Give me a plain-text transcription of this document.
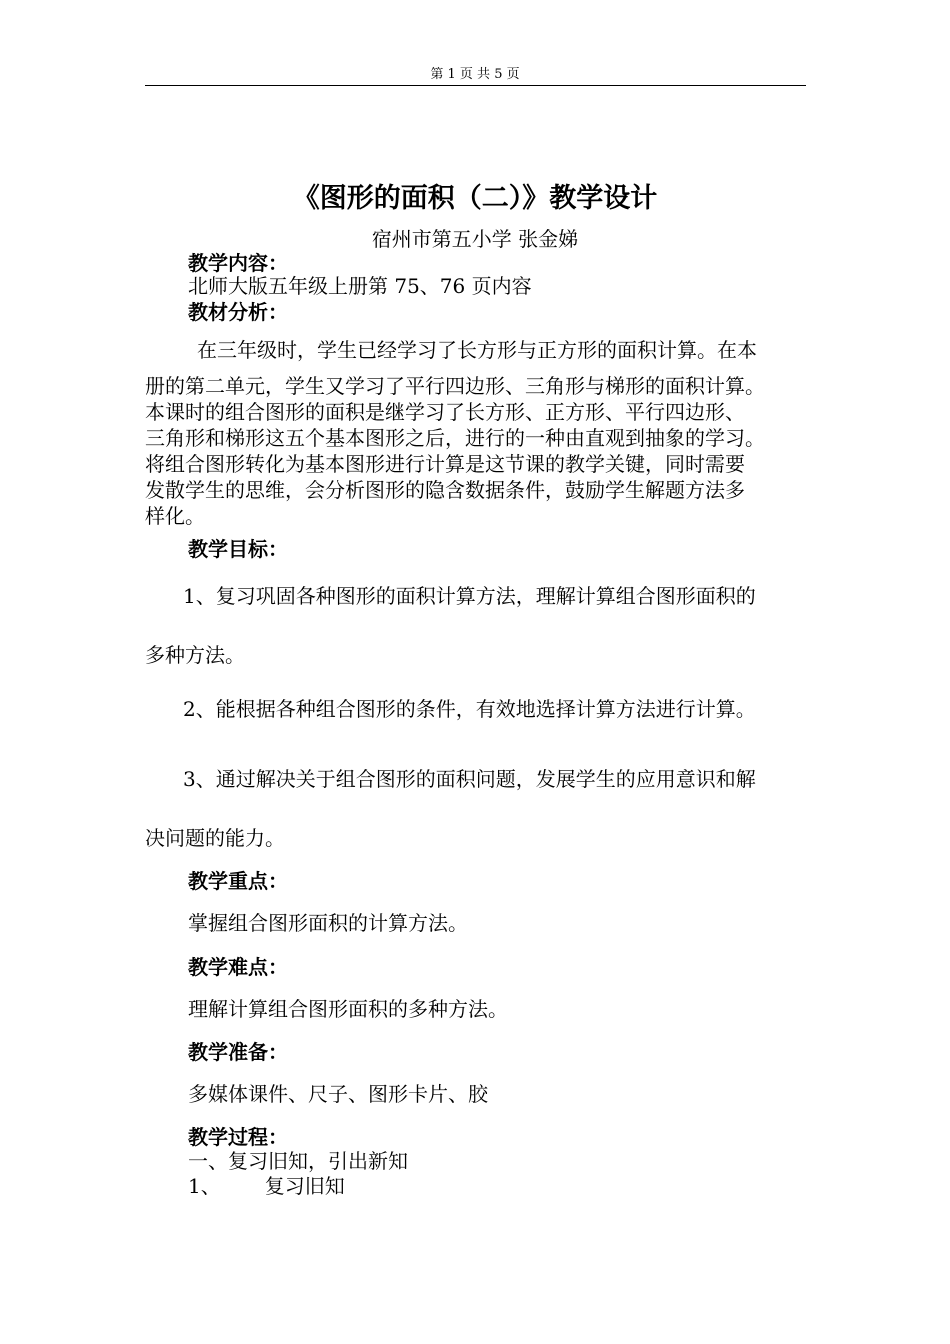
第 1 页 共 5 页
《图形的面积（二）》教学设计
宿州市第五小学 张金娣
教学内容：
北师大版五年级上册第 75、76 页内容
教材分析：
在三年级时，学生已经学习了长方形与正方形的面积计算。在本
册的第二单元，学生又学习了平行四边形、三角形与梯形的面积计算。
本课时的组合图形的面积是继学习了长方形、正方形、平行四边形、
三角形和梯形这五个基本图形之后，进行的一种由直观到抽象的学习。
将组合图形转化为基本图形进行计算是这节课的教学关键，同时需要
发散学生的思维，会分析图形的隐含数据条件，鼓励学生解题方法多
样化。
教学目标：
1、复习巩固各种图形的面积计算方法，理解计算组合图形面积的
多种方法。
2、能根据各种组合图形的条件，有效地选择计算方法进行计算。
3、通过解决关于组合图形的面积问题，发展学生的应用意识和解
决问题的能力。
教学重点：
掌握组合图形面积的计算方法。
教学难点：
理解计算组合图形面积的多种方法。
教学准备：
多媒体课件、尺子、图形卡片、胶
教学过程：
一、复习旧知，引出新知
1、 复习旧知
